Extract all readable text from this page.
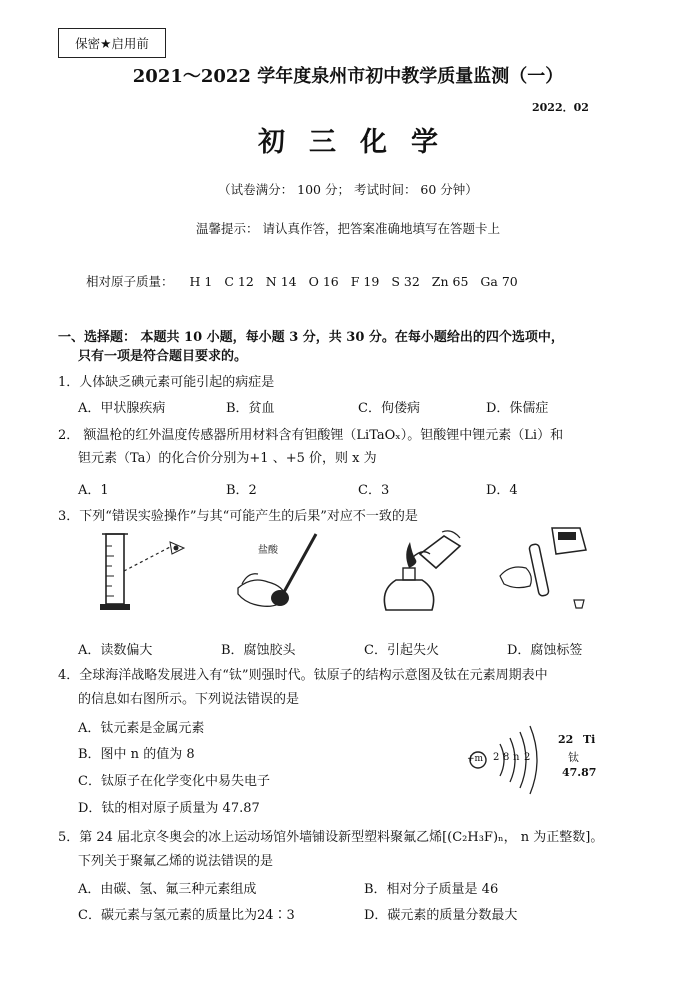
保密★启用前
2021～2022 学年度泉州市初中教学质量监测（一）
2022．02
初三化学
（试卷满分： 100 分； 考试时间： 60 分钟）
温馨提示： 请认真作答，把答案准确地填写在答题卡上
相对原子质量： H 1 C 12 N 14 O 16 F 19 S 32 Zn 65 Ga 70
一、选择题： 本题共 10 小题，每小题 3 分，共 30 分。在每小题给出的四个选项中，
只有一项是符合题目要求的。
1．人体缺乏碘元素可能引起的病症是
A．甲状腺疾病	B．贫血	C．佝偻病	D．侏儒症
2． 额温枪的红外温度传感器所用材料含有钽酸锂（LiTaOₓ）。钽酸锂中锂元素（Li）和
钽元素（Ta）的化合价分别为+1 、+5 价，则 x 为
A．1	B．2	C．3	D．4
3．下列“错误实验操作”与其“可能产生的后果”对应不一致的是
盐酸
A．读数偏大	B．腐蚀胶头	C．引起失火	D．腐蚀标签
4．全球海洋战略发展进入有“钛”则强时代。钛原子的结构示意图及钛在元素周期表中
的信息如右图所示。下列说法错误的是
A．钛元素是金属元素
B．图中 n 的值为 8
C．钛原子在化学变化中易失电子
D．钛的相对原子质量为 47.87
+m 2 8 n 2
22 Ti
钛
47.87
5．第 24 届北京冬奥会的冰上运动场馆外墙铺设新型塑料聚氟乙烯[(C₂H₃F)ₙ， n 为正整数]。
下列关于聚氟乙烯的说法错误的是
A．由碳、氢、氟三种元素组成	B．相对分子质量是 46
C．碳元素与氢元素的质量比为24∶3	D．碳元素的质量分数最大
